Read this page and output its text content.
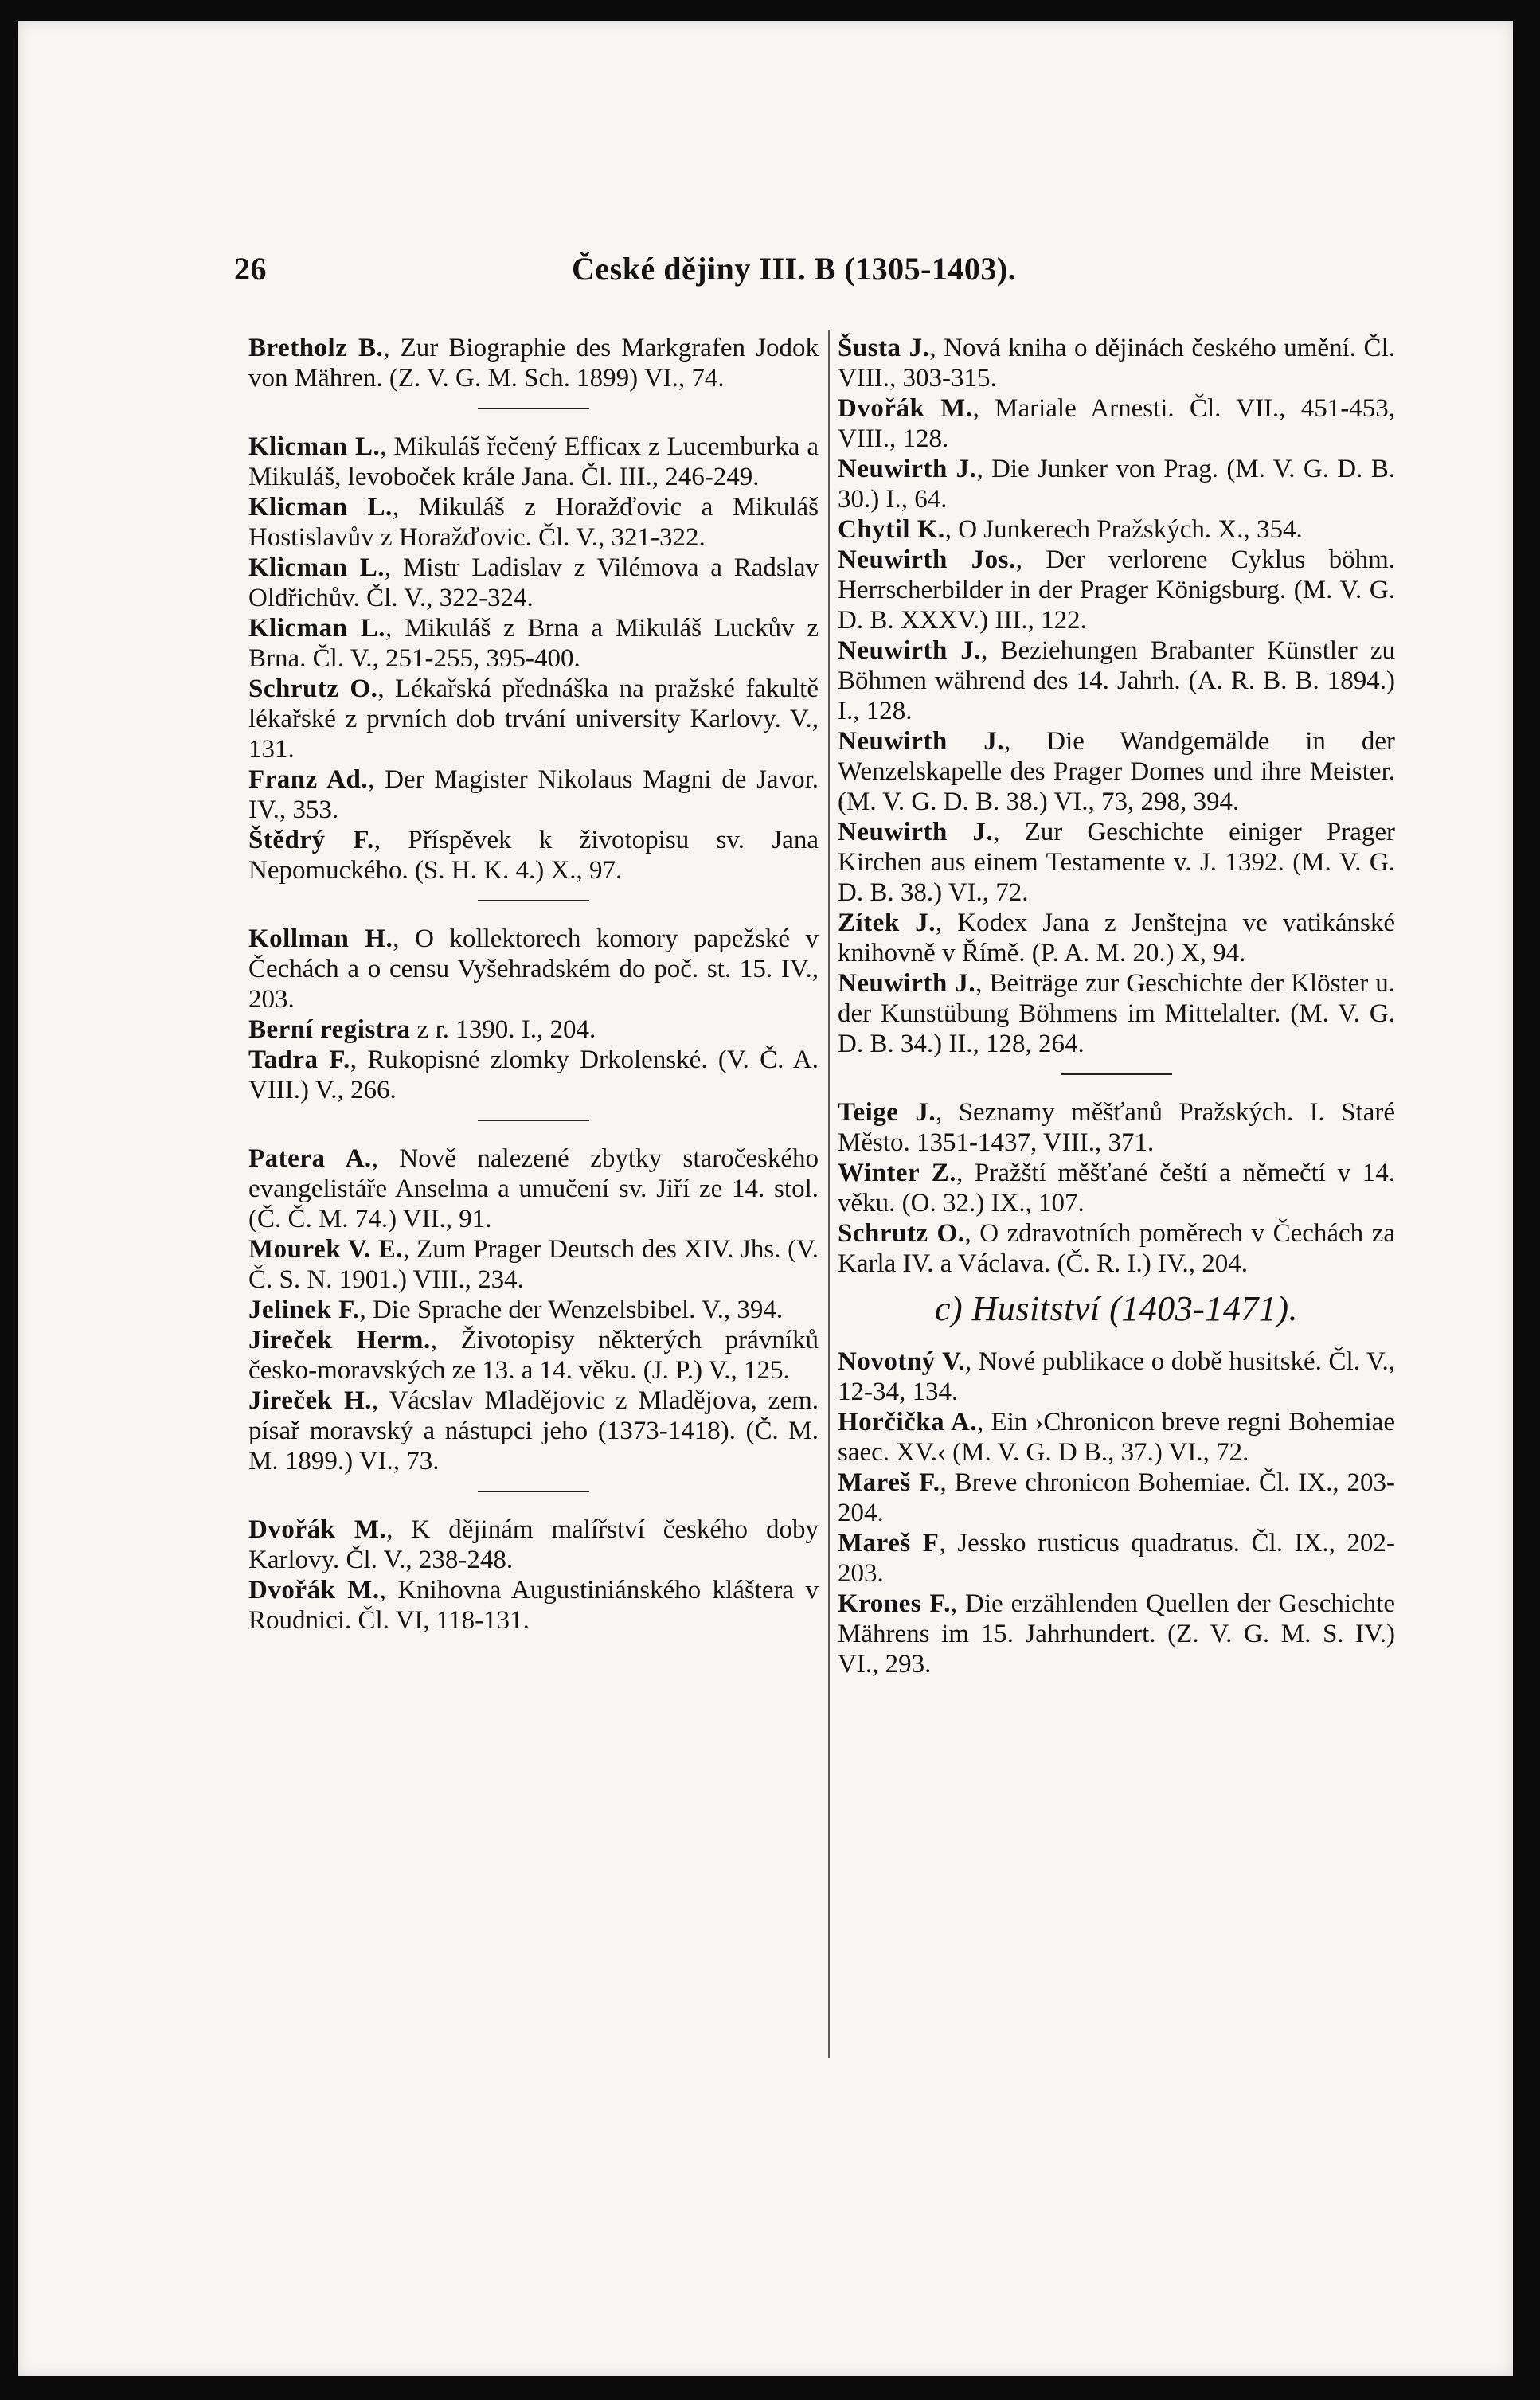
26	České dějiny III. B (1305-1403).

Bretholz B., Zur Biographie des Markgrafen Jodok von Mähren. (Z. V. G. M. Sch. 1899) VI., 74.

Klicman L., Mikuláš řečený Efficax z Lucemburka a Mikuláš, levobоček krále Jana. Čl. III., 246-249.

Klicman L., Mikuláš z Horažďovic a Mikuláš Hostislavův z Horažďovic. Čl. V., 321-322.

Klicman L., Mistr Ladislav z Vilémova a Radslav Oldřichův. Čl. V., 322-324.

Klicman L., Mikuláš z Brna a Mikuláš Luckův z Brna. Čl. V., 251-255, 395-400.

Schrutz O., Lékařská přednáška na pražské fakultě lékařské z prvních dob trvání university Karlovy. V., 131.

Franz Ad., Der Magister Nikolaus Magni de Javor. IV., 353.

Štědrý F., Příspěvek k životopisu sv. Jana Nepomuckého. (S. H. K. 4.) X., 97.

Kollman H., O kollektorech komory papežské v Čechách a o censu Vyšehradském do poč. st. 15. IV., 203.

Berní registra z r. 1390. I., 204.

Tadra F., Rukopisné zlomky Drkolenské. (V. Č. A. VIII.) V., 266.

Patera A., Nově nalezené zbytky staročeského evangelistáře Anselma a umučení sv. Jiří ze 14. stol. (Č. Č. M. 74.) VII., 91.

Mourek V. E., Zum Prager Deutsch des XIV. Jhs. (V. Č. S. N. 1901.) VIII., 234.

Jelinek F., Die Sprache der Wenzelsbibel. V., 394.

Jireček Herm., Životopisy některých právníků česko-moravských ze 13. a 14. věku. (J. P.) V., 125.

Jireček H., Vácslav Mladějovic z Mladějova, zem. písař moravský a nástupci jeho (1373-1418). (Č. M. M. 1899.) VI., 73.

Dvořák M., K dějinám malířství českého doby Karlovy. Čl. V., 238-248.

Dvořák M., Knihovna Augustiniánského kláštera v Roudnici. Čl. VI, 118-131.

Šusta J., Nová kniha o dějinách českého umění. Čl. VIII., 303-315.

Dvořák M., Mariale Arnesti. Čl. VII., 451-453, VIII., 128.

Neuwirth J., Die Junker von Prag. (M. V. G. D. B. 30.) I., 64.

Chytil K., O Junkerech Pražských. X., 354.

Neuwirth Jos., Der verlorene Cyklus böhm. Herrscherbilder in der Prager Königsburg. (M. V. G. D. B. XXXV.) III., 122.

Neuwirth J., Beziehungen Brabanter Künstler zu Böhmen während des 14. Jahrh. (A. R. B. B. 1894.) I., 128.

Neuwirth J., Die Wandgemälde in der Wenzelskapelle des Prager Domes und ihre Meister. (M. V. G. D. B. 38.) VI., 73, 298, 394.

Neuwirth J., Zur Geschichte einiger Prager Kirchen aus einem Testamente v. J. 1392. (M. V. G. D. B. 38.) VI., 72.

Zítek J., Kodex Jana z Jenštejna ve vatikánské knihovně v Římě. (P. A. M. 20.) X, 94.

Neuwirth J., Beiträge zur Geschichte der Klöster u. der Kunstübung Böhmens im Mittelalter. (M. V. G. D. B. 34.) II., 128, 264.

Teige J., Seznamy měšťanů Pražských. I. Staré Město. 1351-1437, VIII., 371.

Winter Z., Pražští měšťané čeští a němečtí v 14. věku. (O. 32.) IX., 107.

Schrutz O., O zdravotních poměrech v Čechách za Karla IV. a Václava. (Č. R. I.) IV., 204.

c) Husitství (1403-1471).

Novotný V., Nové publikace o době husitské. Čl. V., 12-34, 134.

Horčička A., Ein ›Chronicon breve regni Bohemiae saec. XV.‹ (M. V. G. D B., 37.) VI., 72.

Mareš F., Breve chronicon Bohemiae. Čl. IX., 203-204.

Mareš F, Jessko rusticus quadratus. Čl. IX., 202-203.

Krones F., Die erzählenden Quellen der Geschichte Mährens im 15. Jahrhundert. (Z. V. G. M. S. IV.) VI., 293.
